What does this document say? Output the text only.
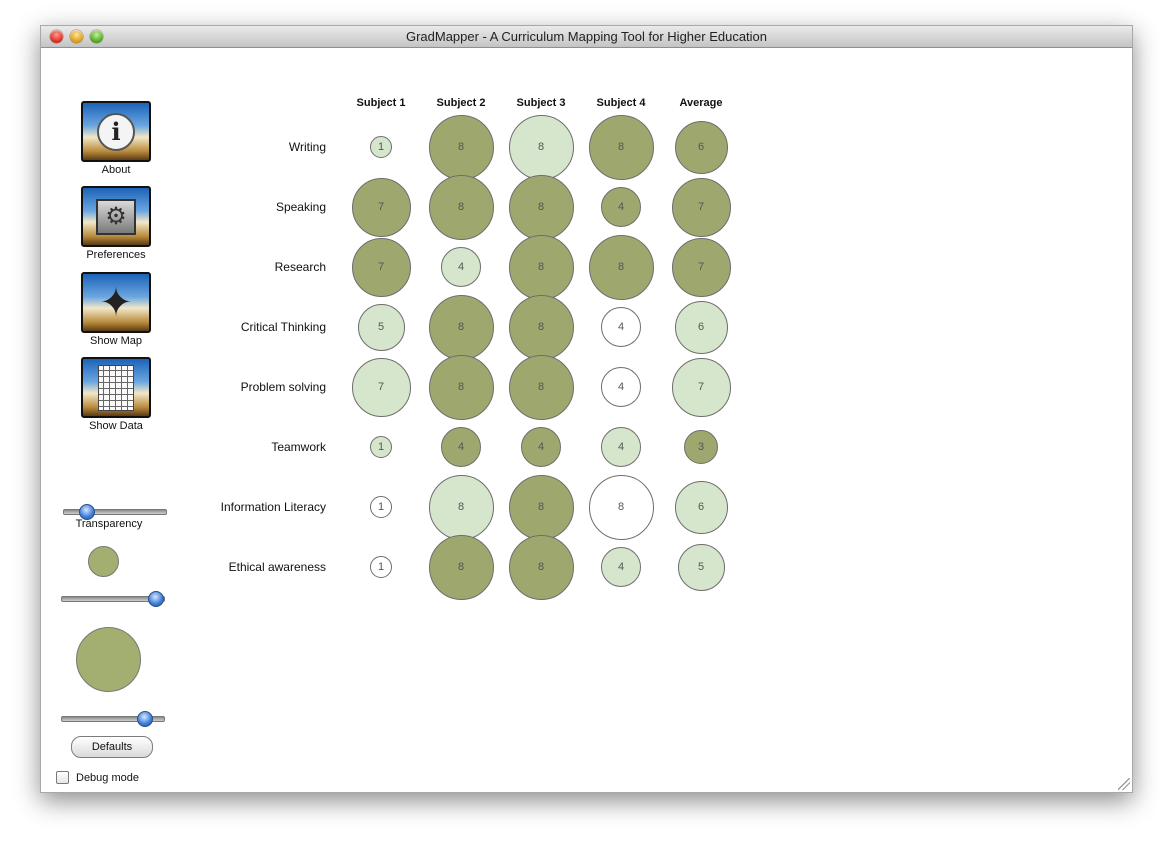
GradMapper - A Curriculum Mapping Tool for Higher Education
i
About
⚙
Preferences
✦
Show Map
Show Data
Transparency
Defaults
Debug mode
Subject 1	Subject 2	Subject 3	Subject 4	Average
Writing	1	8	8	8	6
Speaking	7	8	8	4	7
Research	7	4	8	8	7
Critical Thinking	5	8	8	4	6
Problem solving	7	8	8	4	7
Teamwork	1	4	4	4	3
Information Literacy	1	8	8	8	6
Ethical awareness	1	8	8	4	5
